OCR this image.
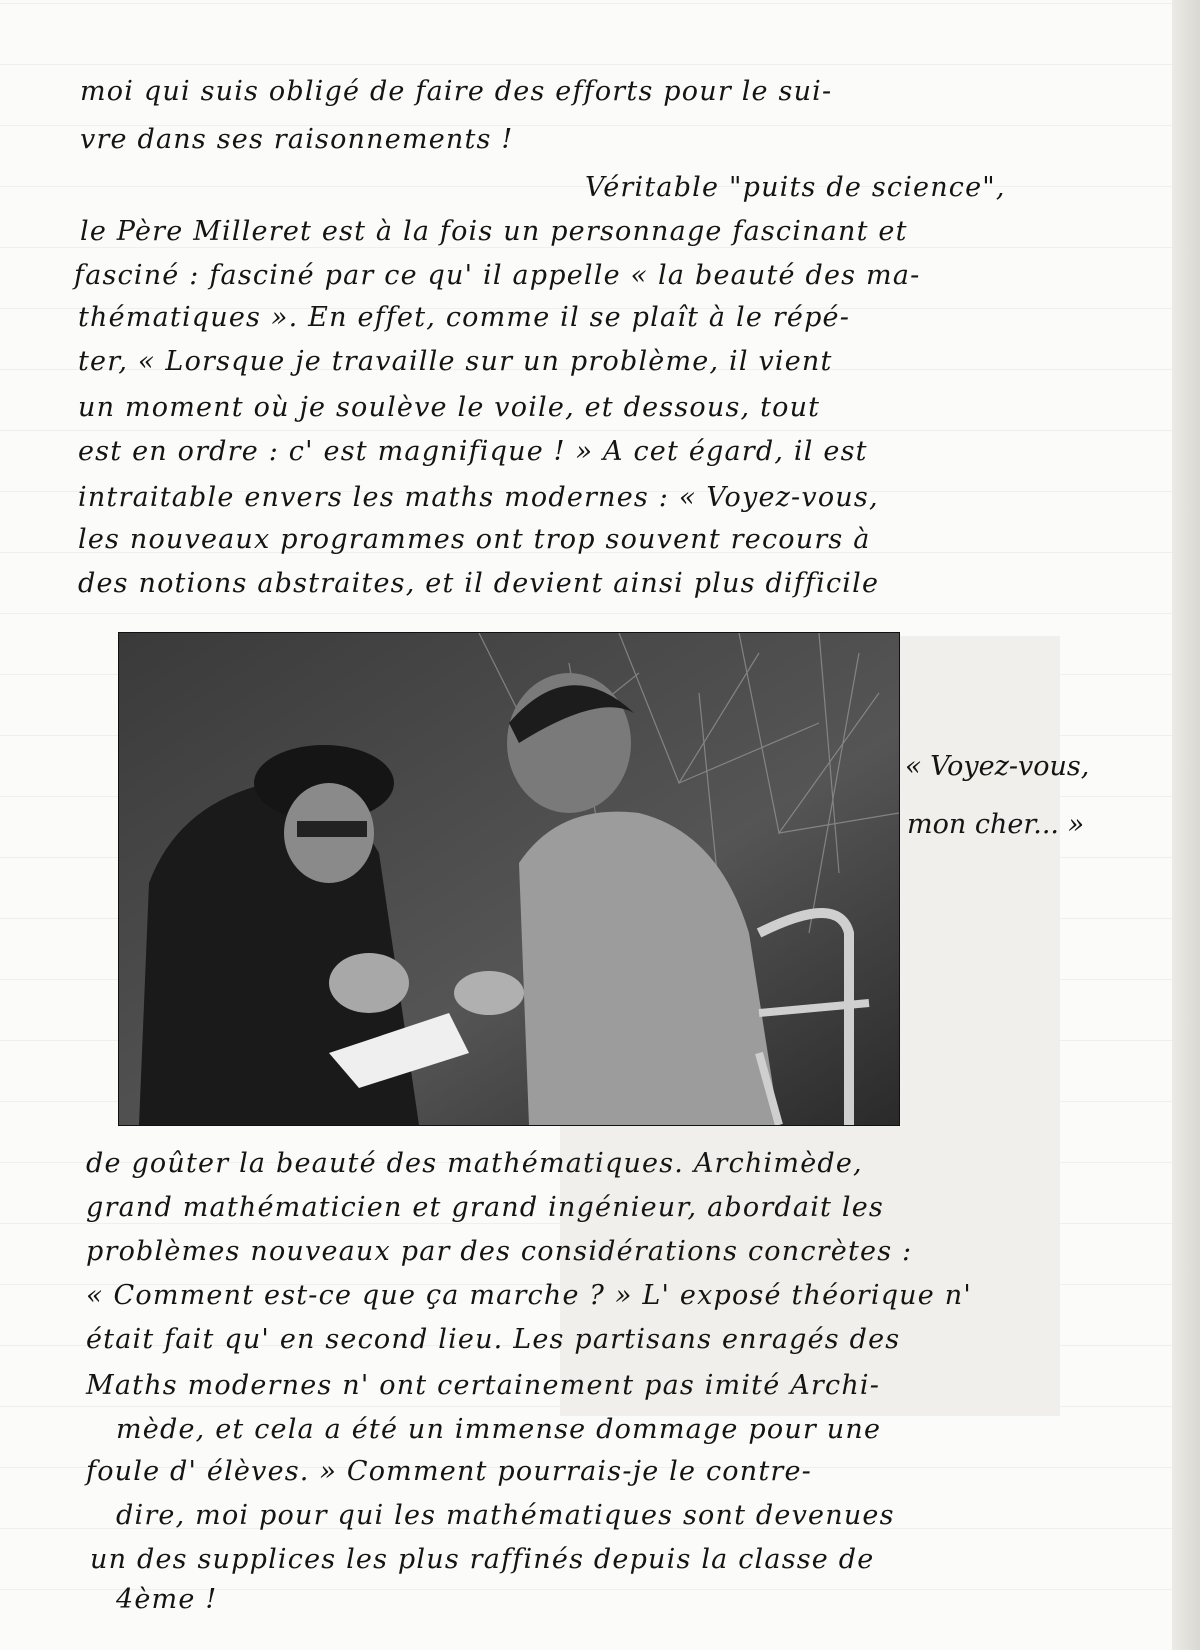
moi qui suis obligé de faire des efforts pour le sui-
vre dans ses raisonnements !
Véritable "puits de science",
le Père Milleret est à la fois un personnage fascinant et
fasciné : fasciné par ce qu' il appelle « la beauté des ma-
thématiques ». En effet, comme il se plaît à le répé-
ter, « Lorsque je travaille sur un problème, il vient
un moment où je soulève le voile, et dessous, tout
est en ordre : c' est magnifique ! » A cet égard, il est
intraitable envers les maths modernes : « Voyez-vous,
les nouveaux programmes ont trop souvent recours à
des notions abstraites, et il devient ainsi plus difficile
« Voyez-vous,
mon cher... »
de goûter la beauté des mathématiques. Archimède,
grand mathématicien et grand ingénieur, abordait les
problèmes nouveaux par des considérations concrètes :
« Comment est-ce que ça marche ? » L' exposé théorique n'
était fait qu' en second lieu. Les partisans enragés des
Maths modernes n' ont certainement pas imité Archi-
mède, et cela a été un immense dommage pour une
foule d' élèves. » Comment pourrais-je le contre-
dire, moi pour qui les mathématiques sont devenues
un des supplices les plus raffinés depuis la classe de
4ème !
